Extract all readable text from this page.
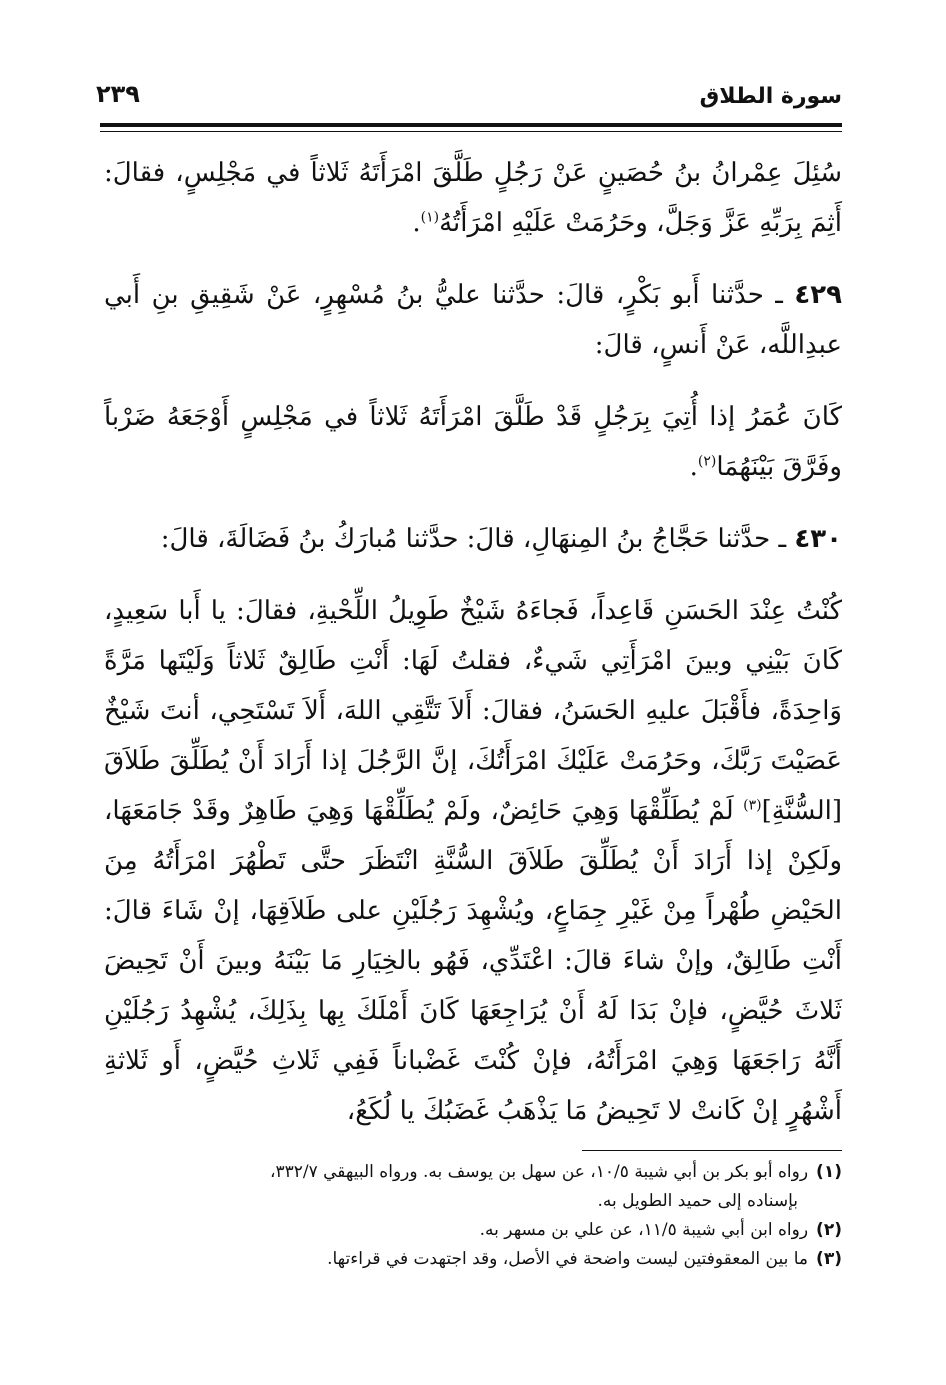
سورة الطلاق
٢٣٩

سُئِلَ عِمْرانُ بنُ حُصَينٍ عَنْ رَجُلٍ طَلَّقَ امْرَأَتَهُ ثَلاثاً في مَجْلِسٍ، فقالَ: أَثِمَ بِرَبِّهِ عَزَّ وَجَلَّ، وحَرُمَتْ عَلَيْهِ امْرَأَتُهُ$^{(١)}$.

٤٢٩ ـ حدَّثنا أَبو بَكْرٍ، قالَ: حدَّثنا عليُّ بنُ مُسْهِرٍ، عَنْ شَقِيقِ بنِ أَبي عبدِاللَّه، عَنْ أَنسٍ، قالَ:

كَانَ عُمَرُ إذا أُتِيَ بِرَجُلٍ قَدْ طَلَّقَ امْرَأَتَهُ ثَلاثاً في مَجْلِسٍ أَوْجَعَهُ ضَرْباً وفَرَّقَ بَيْنَهُمَا$^{(٢)}$.

٤٣٠ ـ حدَّثنا حَجَّاجُ بنُ المِنهَالِ، قالَ: حدَّثنا مُبارَكُ بنُ فَضَالَةَ، قالَ:

كُنْتُ عِنْدَ الحَسَنِ قَاعِداً، فَجاءَهُ شَيْخٌ طَوِيلُ اللِّحْيةِ، فقالَ: يا أَبا سَعِيدٍ، كَانَ بَيْنِي وبينَ امْرَأَتِي شَيءٌ، فقلتُ لَهَا: أَنْتِ طَالِقٌ ثَلاثاً وَلَيْتَها مَرَّةً وَاحِدَةً، فأَقْبَلَ عليهِ الحَسَنُ، فقالَ: أَلاَ تَتَّقِي اللهَ، أَلاَ تَسْتَحِي، أنتَ شَيْخٌ عَصَيْتَ رَبَّكَ، وحَرُمَتْ عَلَيْكَ امْرَأَتُكَ، إنَّ الرَّجُلَ إذا أَرَادَ أَنْ يُطَلِّقَ طَلاَقَ [السُّنَّةِ]$^{(٣)}$ لَمْ يُطَلِّقْهَا وَهِيَ حَائِضٌ، ولَمْ يُطَلِّقْهَا وَهِيَ طَاهِرٌ وقَدْ جَامَعَهَا، ولَكِنْ إذا أَرَادَ أَنْ يُطَلِّقَ طَلاَقَ السُّنَّةِ انْتَظَرَ حتَّى تَطْهُرَ امْرَأَتُهُ مِنَ الحَيْضِ طُهْراً مِنْ غَيْرِ جِمَاعٍ، ويُشْهِدَ رَجُلَيْنِ على طَلاَقِهَا، إنْ شَاءَ قالَ: أَنْتِ طَالِقٌ، وإنْ شاءَ قالَ: اعْتَدِّي، فَهُو بالخِيَارِ مَا بَيْنَهُ وبينَ أَنْ تَحِيضَ ثَلاثَ حُيَّضٍ، فإنْ بَدَا لَهُ أَنْ يُرَاجِعَهَا كَانَ أَمْلَكَ بِها بِذَلِكَ، يُشْهِدُ رَجُلَيْنِ أَنَّهُ رَاجَعَهَا وَهِيَ امْرَأَتُهُ، فإنْ كُنْتَ غَضْباناً فَفِي ثَلاثِ حُيَّضٍ، أَو ثَلاثةِ أَشْهُرٍ إنْ كَانتْ لا تَحِيضُ مَا يَذْهَبُ غَضَبُكَ يا لُكَعُ،

(١)رواه أبو بكر بن أبي شيبة ١٠/٥، عن سهل بن يوسف به. ورواه البيهقي ٣٣٢/٧،

بإسناده إلى حميد الطويل به.

(٢)رواه ابن أبي شيبة ١١/٥، عن علي بن مسهر به.

(٣)ما بين المعقوفتين ليست واضحة في الأصل، وقد اجتهدت في قراءتها.
